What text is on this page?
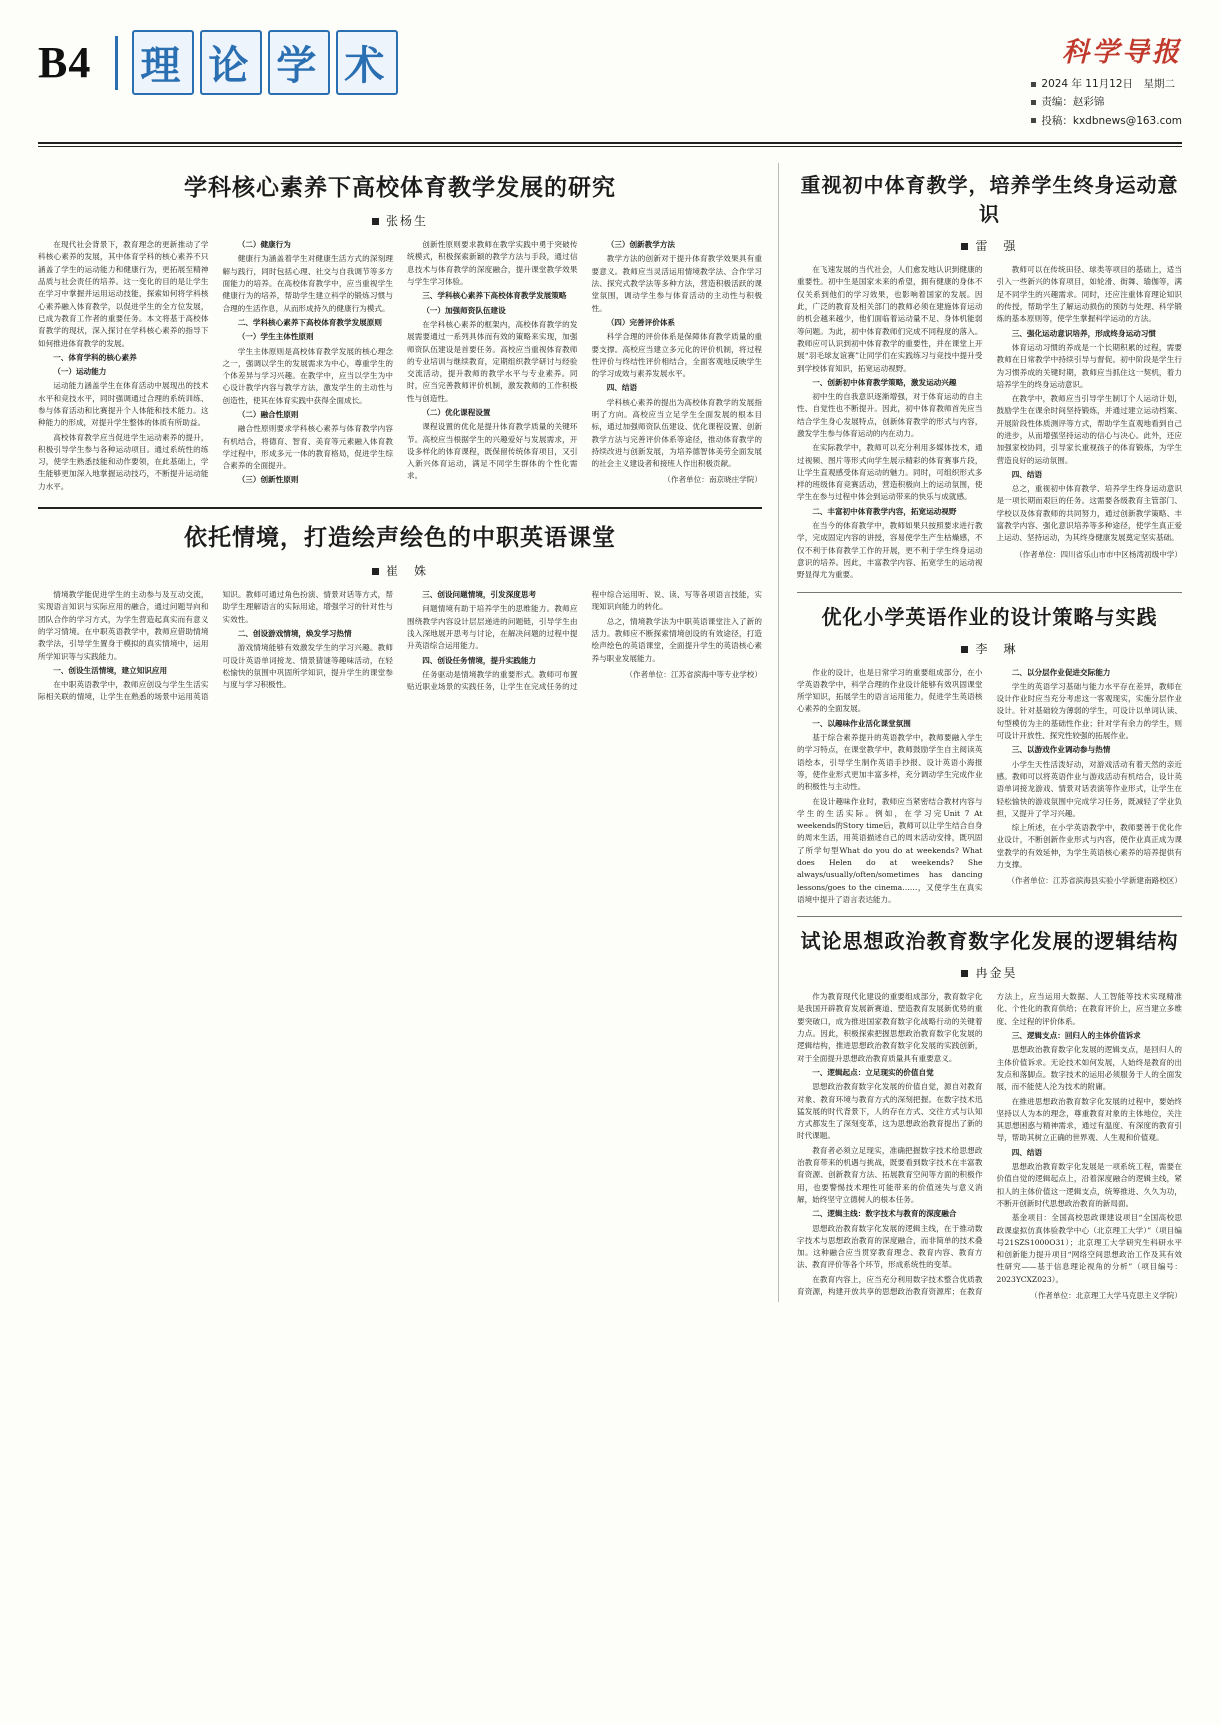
B4 理 论 学 术	科学导报
2024 年 11月12日　星期二
责编：赵彩锦
投稿：kxdbnews@163.com
学科核心素养下高校体育教学发展的研究
张杨生

在现代社会背景下，教育理念的更新推动了学科核心素养的发展，其中体育学科的核心素养不只涵盖了学生的运动能力和健康行为，更拓展至精神品质与社会责任的培养。这一变化的目的是让学生在学习中掌握并运用运动技能，探索如何将学科核心素养融入体育教学，以促进学生的全方位发展，已成为教育工作者的重要任务。本文将基于高校体育教学的现状，深入探讨在学科核心素养的指导下如何推进体育教学的发展。

一、体育学科的核心素养

（一）运动能力

运动能力涵盖学生在体育活动中展现出的技术水平和竞技水平，同时强调通过合理的系统训练、参与体育活动和比赛提升个人体能和技术能力。这种能力的形成，对提升学生整体的体质有所助益。

高校体育教学应当促进学生运动素养的提升，积极引导学生参与各种运动项目。通过系统性的练习，使学生熟悉技能和动作要领，在此基础上，学生能够更加深入地掌握运动技巧，不断提升运动能力水平。

（二）健康行为

健康行为涵盖着学生对健康生活方式的深刻理解与践行，同时包括心理、社交与自我调节等多方面能力的培养。在高校体育教学中，应当重视学生健康行为的培养，帮助学生建立科学的锻炼习惯与合理的生活作息，从而形成持久的健康行为模式。

二、学科核心素养下高校体育教学发展原则

（一）学生主体性原则

学生主体原则是高校体育教学发展的核心理念之一，强调以学生的发展需求为中心，尊重学生的个体差异与学习兴趣。在教学中，应当以学生为中心设计教学内容与教学方法，激发学生的主动性与创造性，使其在体育实践中获得全面成长。

（二）融合性原则

融合性原则要求学科核心素养与体育教学内容有机结合，将德育、智育、美育等元素融入体育教学过程中，形成多元一体的教育格局，促进学生综合素养的全面提升。

（三）创新性原则

创新性原则要求教师在教学实践中勇于突破传统模式，积极探索新颖的教学方法与手段，通过信息技术与体育教学的深度融合，提升课堂教学效果与学生学习体验。

三、学科核心素养下高校体育教学发展策略

（一）加强师资队伍建设

在学科核心素养的框架内，高校体育教学的发展需要通过一系列具体而有效的策略来实现，加强师资队伍建设是首要任务。高校应当重视体育教师的专业培训与继续教育，定期组织教学研讨与经验交流活动，提升教师的教学水平与专业素养。同时，应当完善教师评价机制，激发教师的工作积极性与创造性。

（二）优化课程设置

课程设置的优化是提升体育教学质量的关键环节。高校应当根据学生的兴趣爱好与发展需求，开设多样化的体育课程，既保留传统体育项目，又引入新兴体育运动，满足不同学生群体的个性化需求。

（三）创新教学方法

教学方法的创新对于提升体育教学效果具有重要意义。教师应当灵活运用情境教学法、合作学习法、探究式教学法等多种方法，营造积极活跃的课堂氛围，调动学生参与体育活动的主动性与积极性。

（四）完善评价体系

科学合理的评价体系是保障体育教学质量的重要支撑。高校应当建立多元化的评价机制，将过程性评价与终结性评价相结合，全面客观地反映学生的学习成效与素养发展水平。

四、结语

学科核心素养的提出为高校体育教学的发展指明了方向。高校应当立足学生全面发展的根本目标，通过加强师资队伍建设、优化课程设置、创新教学方法与完善评价体系等途径，推动体育教学的持续改进与创新发展，为培养德智体美劳全面发展的社会主义建设者和接班人作出积极贡献。

（作者单位：南京晓庄学院）

依托情境，打造绘声绘色的中职英语课堂
崔　姝

情境教学能促进学生的主动参与及互动交流，实现语言知识与实际应用的融合，通过问题导向和团队合作的学习方式，为学生营造起真实而有意义的学习情境。在中职英语教学中，教师应借助情境教学法，引导学生置身于模拟的真实情境中，运用所学知识等与实践能力。

一、创设生活情境，建立知识应用

在中职英语教学中，教师应创设与学生生活实际相关联的情境，让学生在熟悉的场景中运用英语知识。教师可通过角色扮演、情景对话等方式，帮助学生理解语言的实际用途，增强学习的针对性与实效性。

二、创设游戏情境，焕发学习热情

游戏情境能够有效激发学生的学习兴趣。教师可设计英语单词接龙、情景猜谜等趣味活动，在轻松愉快的氛围中巩固所学知识，提升学生的课堂参与度与学习积极性。

三、创设问题情境，引发深度思考

问题情境有助于培养学生的思维能力。教师应围绕教学内容设计层层递进的问题链，引导学生由浅入深地展开思考与讨论，在解决问题的过程中提升英语综合运用能力。

四、创设任务情境，提升实践能力

任务驱动是情境教学的重要形式。教师可布置贴近职业场景的实践任务，让学生在完成任务的过程中综合运用听、说、读、写等各项语言技能，实现知识向能力的转化。

总之，情境教学法为中职英语课堂注入了新的活力。教师应不断探索情境创设的有效途径，打造绘声绘色的英语课堂，全面提升学生的英语核心素养与职业发展能力。

（作者单位：江苏省滨海中等专业学校）

重视初中体育教学，培养学生终身运动意识
雷　强

在飞速发展的当代社会，人们愈发地认识到健康的重要性。初中生是国家未来的希望，拥有健康的身体不仅关系到他们的学习效果，也影响着国家的发展。因此，广泛的教育及相关部门的教师必须在建施体育运动的机会越来越少，他们面临着运动量不足、身体机能弱等问题。为此，初中体育教师们完成不同程度的落入。教师应可认识到初中体育教学的重要性，并在课堂上开展“羽毛球友谊赛”让同学们在实践练习与竞技中提升受到学校体育知识，拓宽运动视野。

一、创新初中体育教学策略，激发运动兴趣

初中生的自我意识逐渐增强，对于体育运动的自主性、自觉性也不断提升。因此，初中体育教师首先应当结合学生身心发展特点，创新体育教学的形式与内容，激发学生参与体育运动的内在动力。

在实际教学中，教师可以充分利用多媒体技术，通过视频、图片等形式向学生展示精彩的体育赛事片段，让学生直观感受体育运动的魅力。同时，可组织形式多样的班级体育竞赛活动，营造积极向上的运动氛围，使学生在参与过程中体会到运动带来的快乐与成就感。

二、丰富初中体育教学内容，拓宽运动视野

在当今的体育教学中，教师如果只按照要求进行教学，完成固定内容的讲授，容易使学生产生枯燥感，不仅不利于体育教学工作的开展，更不利于学生终身运动意识的培养。因此，丰富教学内容、拓宽学生的运动视野显得尤为重要。

教师可以在传统田径、球类等项目的基础上，适当引入一些新兴的体育项目，如轮滑、街舞、瑜伽等，满足不同学生的兴趣需求。同时，还应注重体育理论知识的传授，帮助学生了解运动损伤的预防与处理、科学锻炼的基本原则等，使学生掌握科学运动的方法。

三、强化运动意识培养，形成终身运动习惯

体育运动习惯的养成是一个长期积累的过程，需要教师在日常教学中持续引导与督促。初中阶段是学生行为习惯养成的关键时期，教师应当抓住这一契机，着力培养学生的终身运动意识。

在教学中，教师应当引导学生制订个人运动计划，鼓励学生在课余时间坚持锻炼，并通过建立运动档案、开展阶段性体质测评等方式，帮助学生直观地看到自己的进步，从而增强坚持运动的信心与决心。此外，还应加强家校协同，引导家长重视孩子的体育锻炼，为学生营造良好的运动氛围。

四、结语

总之，重视初中体育教学、培养学生终身运动意识是一项长期而艰巨的任务。这需要各级教育主管部门、学校以及体育教师的共同努力，通过创新教学策略、丰富教学内容、强化意识培养等多种途径，使学生真正爱上运动、坚持运动，为其终身健康发展奠定坚实基础。

（作者单位：四川省乐山市市中区杨湾初级中学）

优化小学英语作业的设计策略与实践
李　琳

作业的设计，也是日常学习的重要组成部分，在小学英语教学中，科学合理的作业设计能够有效巩固课堂所学知识，拓展学生的语言运用能力，促进学生英语核心素养的全面发展。

一、以趣味作业活化课堂氛围

基于综合素养提升的英语教学中，教师要融入学生的学习特点，在课堂教学中，教师鼓励学生自主阅读英语绘本，引导学生制作英语手抄报、设计英语小海报等，使作业形式更加丰富多样，充分调动学生完成作业的积极性与主动性。

在设计趣味作业时，教师应当紧密结合教材内容与学生的生活实际。例如，在学习完Unit 7 At weekends的Story time后，教师可以让学生结合自身的周末生活，用英语描述自己的周末活动安排，既巩固了所学句型What do you do at weekends? What does Helen do at weekends? She always/usually/often/sometimes has dancing lessons/goes to the cinema……，又使学生在真实语境中提升了语言表达能力。

二、以分层作业促进交际能力

学生的英语学习基础与能力水平存在差异，教师在设计作业时应当充分考虑这一客观现实，实施分层作业设计。针对基础较为薄弱的学生，可设计以单词认读、句型模仿为主的基础性作业；针对学有余力的学生，则可设计开放性、探究性较强的拓展作业。

三、以游戏作业调动参与热情

小学生天性活泼好动，对游戏活动有着天然的亲近感。教师可以将英语作业与游戏活动有机结合，设计英语单词接龙游戏、情景对话表演等作业形式，让学生在轻松愉快的游戏氛围中完成学习任务，既减轻了学业负担，又提升了学习兴趣。

综上所述，在小学英语教学中，教师要善于优化作业设计，不断创新作业形式与内容，使作业真正成为课堂教学的有效延伸，为学生英语核心素养的培养提供有力支撑。

（作者单位：江苏省滨海县实验小学新建南路校区）

试论思想政治教育数字化发展的逻辑结构
冉金昊

作为教育现代化建设的重要组成部分，教育数字化是我国开辟教育发展新赛道、塑造教育发展新优势的重要突破口，成为推进国家教育数字化战略行动的关键着力点。因此，积极探索把握思想政治教育数字化发展的逻辑结构，推进思想政治教育数字化发展的实践创新，对于全面提升思想政治教育质量具有重要意义。

一、逻辑起点：立足现实的价值自觉

思想政治教育数字化发展的价值自觉，源自对教育对象、教育环境与教育方式的深刻把握。在数字技术迅猛发展的时代背景下，人的存在方式、交往方式与认知方式都发生了深刻变革，这为思想政治教育提出了新的时代课题。

教育者必须立足现实，准确把握数字技术给思想政治教育带来的机遇与挑战，既要看到数字技术在丰富教育资源、创新教育方法、拓展教育空间等方面的积极作用，也要警惕技术理性可能带来的价值迷失与意义消解，始终坚守立德树人的根本任务。

二、逻辑主线：数字技术与教育的深度融合

思想政治教育数字化发展的逻辑主线，在于推动数字技术与思想政治教育的深度融合，而非简单的技术叠加。这种融合应当贯穿教育理念、教育内容、教育方法、教育评价等各个环节，形成系统性的变革。

在教育内容上，应当充分利用数字技术整合优质教育资源，构建开放共享的思想政治教育资源库；在教育方法上，应当运用大数据、人工智能等技术实现精准化、个性化的教育供给；在教育评价上，应当建立多维度、全过程的评价体系。

三、逻辑支点：回归人的主体价值诉求

思想政治教育数字化发展的逻辑支点，是回归人的主体价值诉求。无论技术如何发展，人始终是教育的出发点和落脚点。数字技术的运用必须服务于人的全面发展，而不能使人沦为技术的附庸。

在推进思想政治教育数字化发展的过程中，要始终坚持以人为本的理念，尊重教育对象的主体地位，关注其思想困惑与精神需求，通过有温度、有深度的教育引导，帮助其树立正确的世界观、人生观和价值观。

四、结语

思想政治教育数字化发展是一项系统工程，需要在价值自觉的逻辑起点上，沿着深度融合的逻辑主线，紧扣人的主体价值这一逻辑支点，统筹推进、久久为功，不断开创新时代思想政治教育的新局面。

基金项目：全国高校思政课建设项目“全国高校思政课虚拟仿真体验教学中心（北京理工大学）”（项目编号21SZS1000O31）；北京理工大学研究生科研水平和创新能力提升项目“网络空间思想政治工作及其有效性研究——基于信息理论视角的分析”（项目编号：2023YCXZ023）。

（作者单位：北京理工大学马克思主义学院）
